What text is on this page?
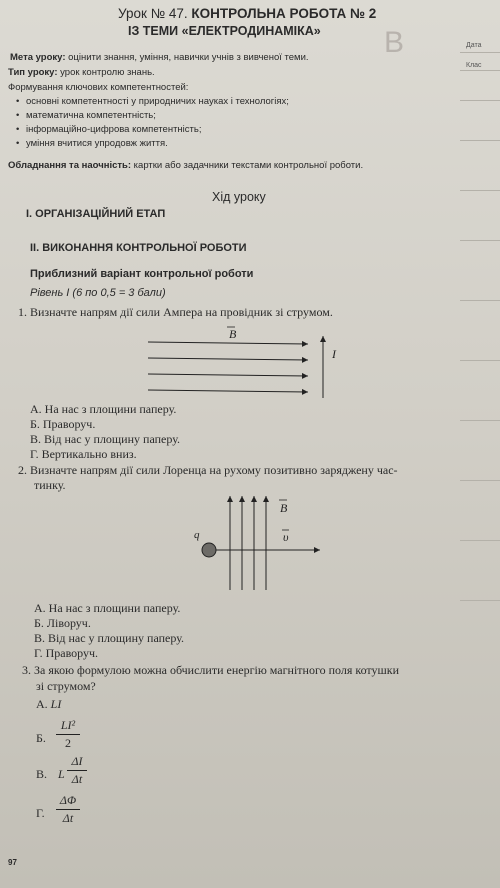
Урок № 47. КОНТРОЛЬНА РОБОТА № 2
ІЗ ТЕМИ «ЕЛЕКТРОДИНАМІКА» B	Дата
Клас
Мета уроку: оцінити знання, уміння, навички учнів з вивченої теми.
Тип уроку: урок контролю знань.
Формування ключових компетентностей:
• основні компетентності у природничих науках і технологіях;
• математична компетентність;
• інформаційно-цифрова компетентність;
• уміння вчитися упродовж життя.
Обладнання та наочність: картки або задачники текстами контрольної роботи.
Хід уроку
І. ОРГАНІЗАЦІЙНИЙ ЕТАП
ІІ. ВИКОНАННЯ КОНТРОЛЬНОЇ РОБОТИ
Приблизний варіант контрольної роботи
Рівень І (6 по 0,5 = 3 бали)
1. Визначте напрям дії сили Ампера на провідник зі струмом.
B
I
А. На нас з площини паперу.
Б. Праворуч.
В. Від нас у площину паперу.
Г. Вертикально вниз.
2. Визначте напрям дії сили Лоренца на рухому позитивно заряджену час-
тинку.
q
B
υ
А. На нас з площини паперу.
Б. Ліворуч.
В. Від нас у площину паперу.
Г. Праворуч.
3. За якою формулою можна обчислити енергію магнітного поля котушки
зі струмом?
А. LI
Б. $\frac{\text{LI²}}{2}$
В. L $\frac{\Delta I}{\Delta t}$
Г. $\frac{\Delta\Phi}{\Delta t}$
97
